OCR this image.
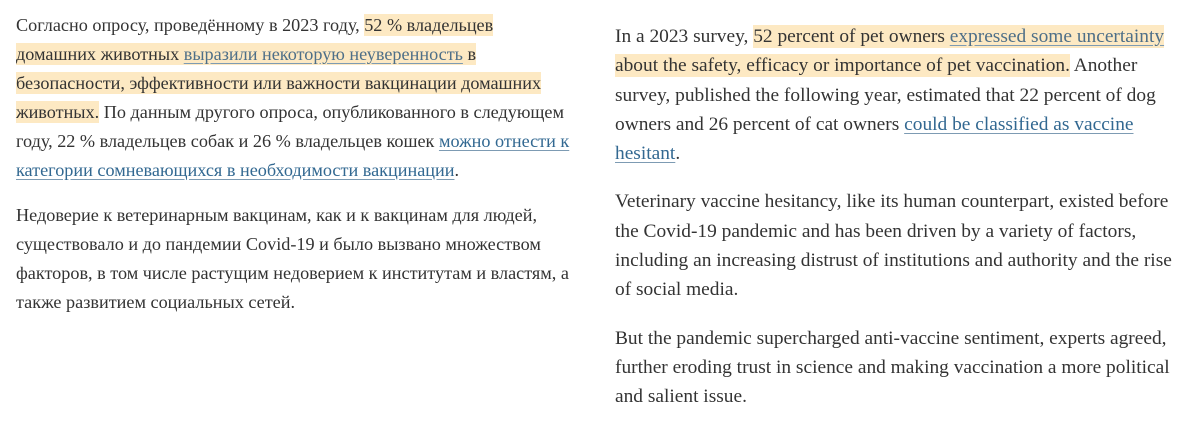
Согласно опросу, проведённому в 2023 году, 52 % владельцев домашних животных выразили некоторую неуверенность в безопасности, эффективности или важности вакцинации домашних животных. По данным другого опроса, опубликованного в следующем году, 22 % владельцев собак и 26 % владельцев кошек можно отнести к категории сомневающихся в необходимости вакцинации.

Недоверие к ветеринарным вакцинам, как и к вакцинам для людей, существовало и до пандемии Covid-19 и было вызвано множеством факторов, в том числе растущим недоверием к институтам и властям, а также развитием социальных сетей.

In a 2023 survey, 52 percent of pet owners expressed some uncertainty about the safety, efficacy or importance of pet vaccination. Another survey, published the following year, estimated that 22 percent of dog owners and 26 percent of cat owners could be classified as vaccine hesitant.

Veterinary vaccine hesitancy, like its human counterpart, existed before the Covid-19 pandemic and has been driven by a variety of factors, including an increasing distrust of institutions and authority and the rise of social media.

But the pandemic supercharged anti-vaccine sentiment, experts agreed, further eroding trust in science and making vaccination a more political and salient issue.
